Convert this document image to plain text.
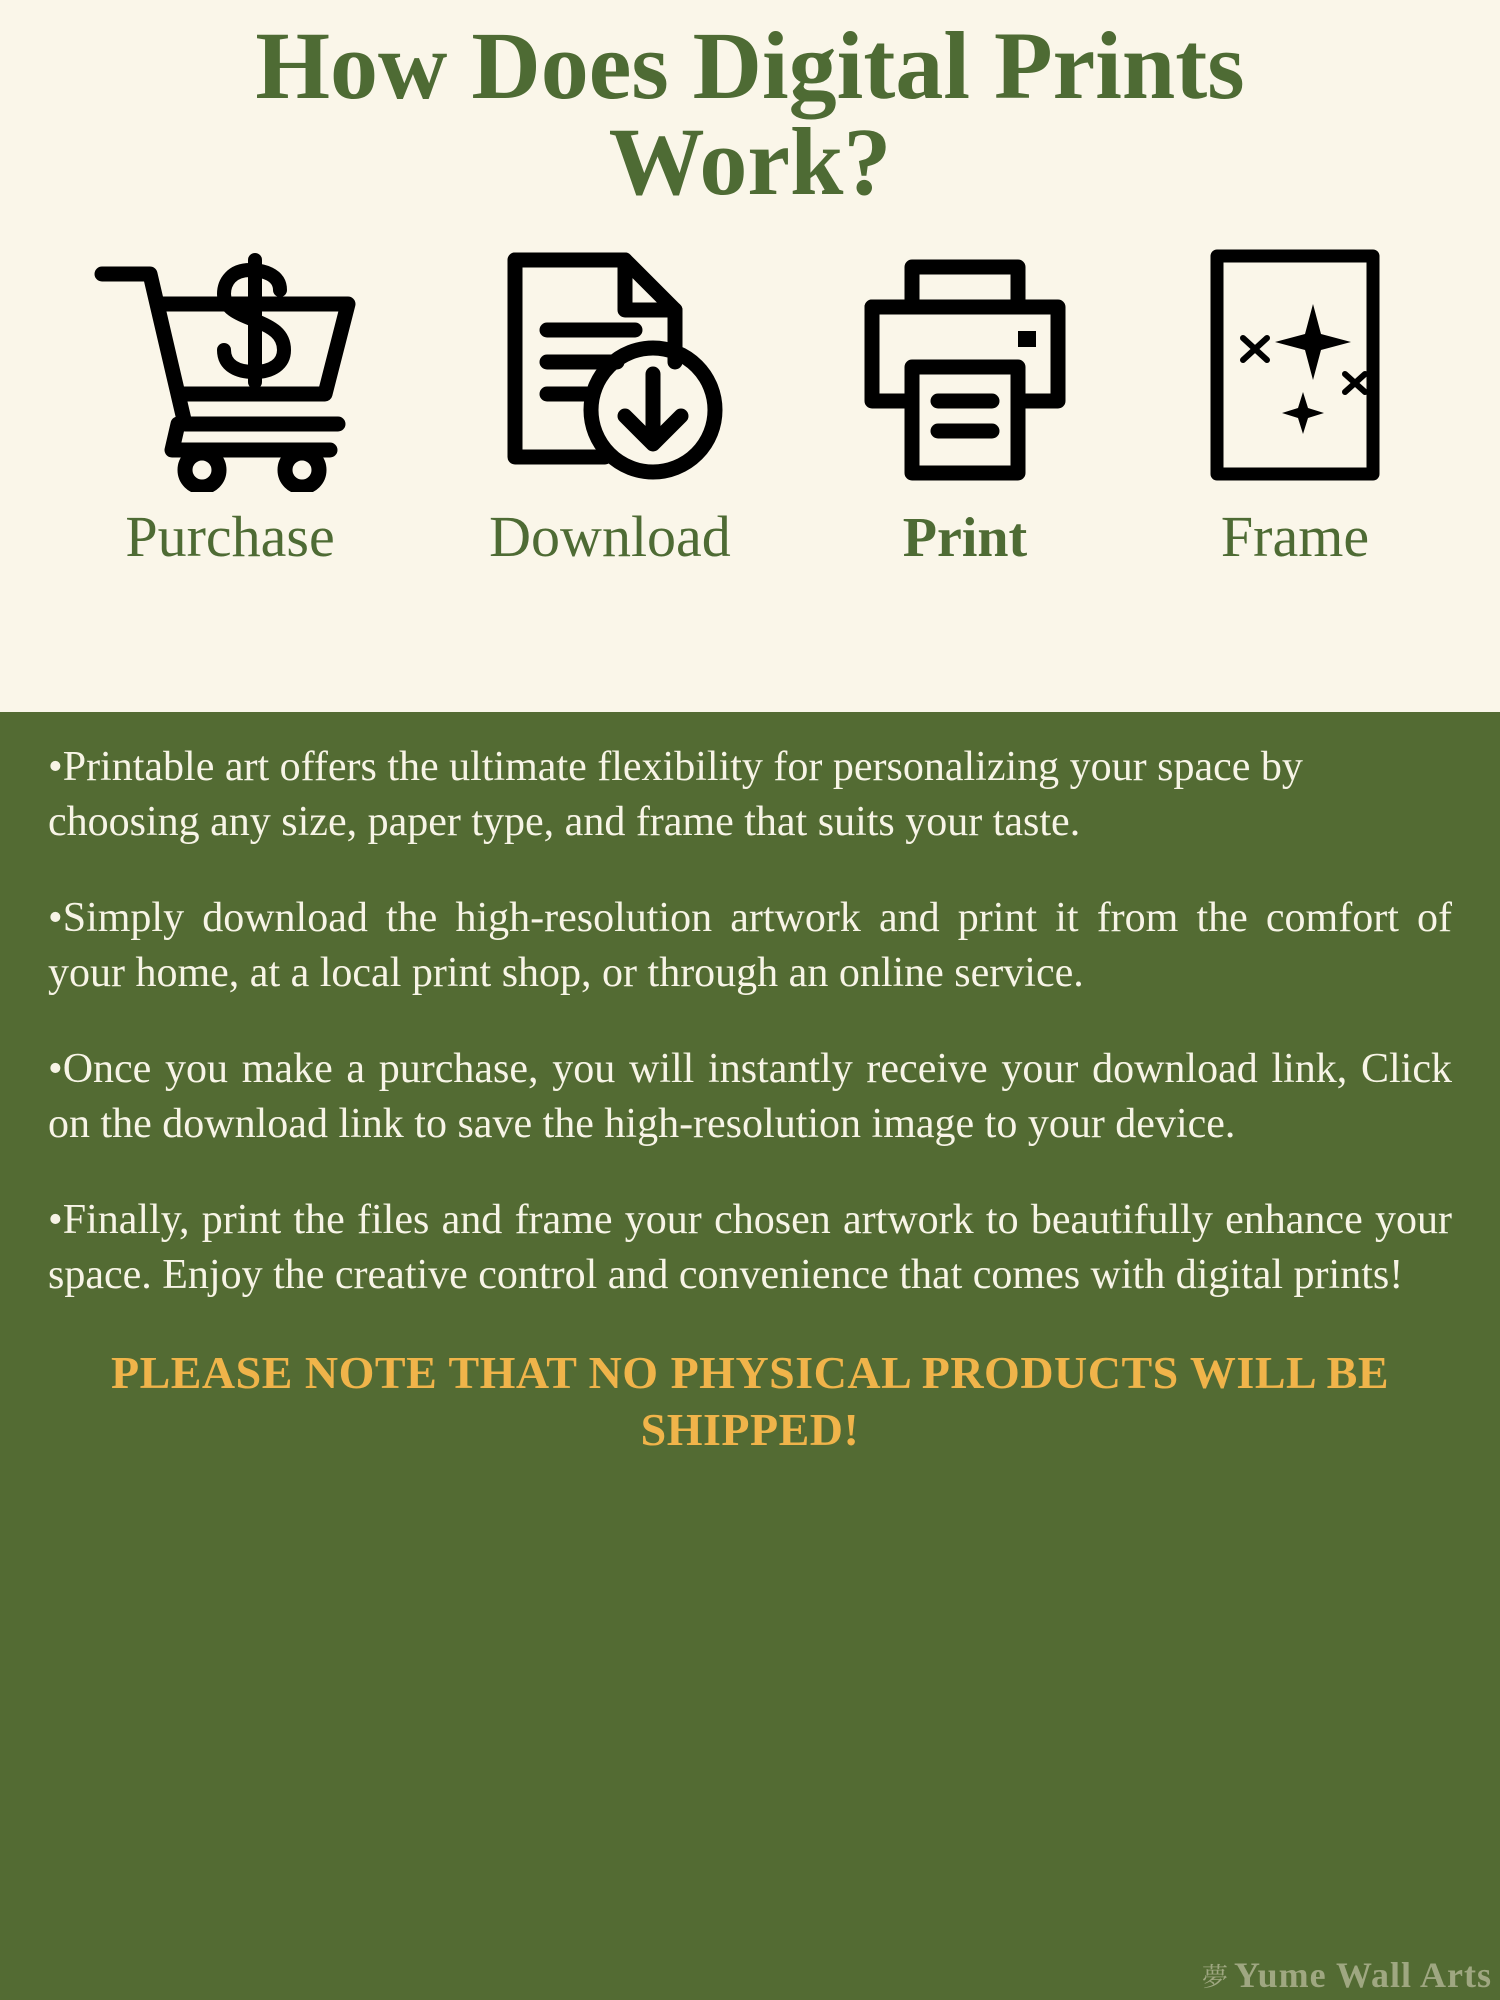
How Does Digital Prints Work?
Purchase	Download	Print	Frame

•Printable art offers the ultimate flexibility for personalizing your space by choosing any size, paper type, and frame that suits your taste.

•Simply download the high-resolution artwork and print it from the comfort of your home, at a local print shop, or through an online service.

•Once you make a purchase, you will instantly receive your download link, Click on the download link to save the high-resolution image to your device.

•Finally, print the files and frame your chosen artwork to beautifully enhance your space. Enjoy the creative control and convenience that comes with digital prints!

PLEASE NOTE THAT NO PHYSICAL PRODUCTS WILL BE SHIPPED!
夢 Yume Wall Arts
